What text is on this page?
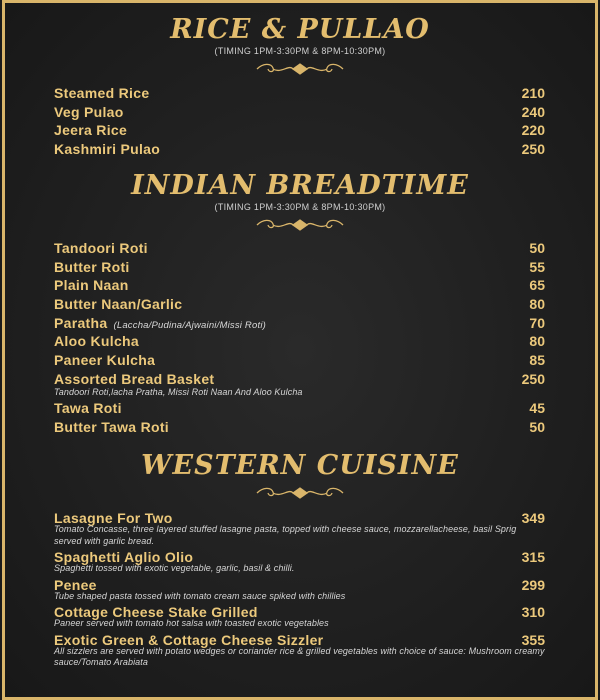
RICE & PULLAO
(TIMING 1PM-3:30PM & 8PM-10:30PM)
Steamed Rice	210
Veg Pulao	240
Jeera Rice	220
Kashmiri Pulao	250
INDIAN BREADTIME
(TIMING 1PM-3:30PM & 8PM-10:30PM)
Tandoori Roti	50
Butter Roti	55
Plain Naan	65
Butter Naan/Garlic	80
Paratha (Laccha/Pudina/Ajwaini/Missi Roti)	70
Aloo Kulcha	80
Paneer Kulcha	85
Assorted Bread Basket	250
Tandoori Roti,lacha Pratha, Missi Roti Naan And Aloo Kulcha
Tawa Roti	45
Butter Tawa Roti	50
WESTERN CUISINE
Lasagne For Two	349
Tomato Concasse, three layered stuffed lasagne pasta, topped with cheese sauce, mozzarellacheese, basil Sprig served with garlic bread.
Spaghetti Aglio Olio	315
Spaghetti tossed with exotic vegetable, garlic, basil & chilli.
Penee	299
Tube shaped pasta tossed with tomato cream sauce spiked with chillies
Cottage Cheese Stake Grilled	310
Paneer served with tomato hot salsa with toasted exotic vegetables
Exotic Green & Cottage Cheese Sizzler	355
All sizzlers are served with potato wedges or coriander rice & grilled vegetables with choice of sauce: Mushroom creamy sauce/Tomato Arabiata
